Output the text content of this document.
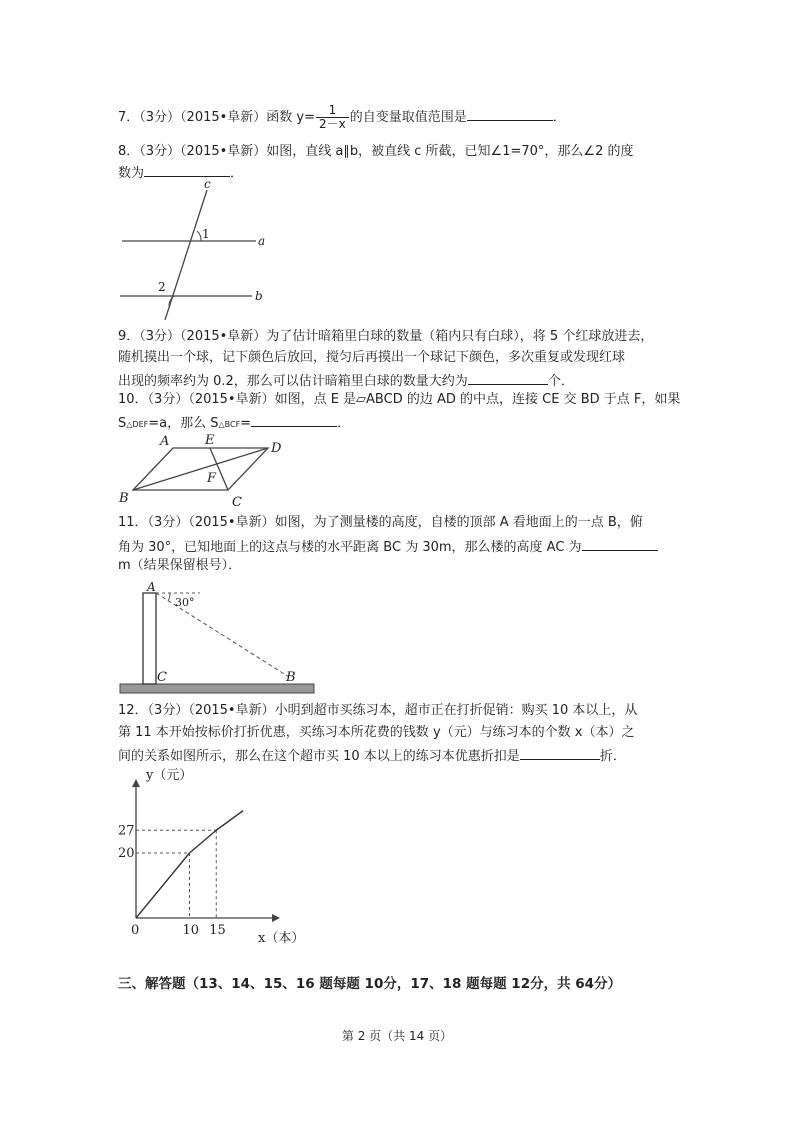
7．（3分）（2015•阜新）函数 $y= \frac{1}{2-x}$ 的自变量取值范围是	．
8．（3分）（2015•阜新）如图，直线 a∥b，被直线 c 所截，已知∠1=70°，那么∠2 的度
数为	．
c
a
b
1
2
9．（3分）（2015•阜新）为了估计暗箱里白球的数量（箱内只有白球），将 5 个红球放进去，
随机摸出一个球，记下颜色后放回，搅匀后再摸出一个球记下颜色，多次重复或发现红球
出现的频率约为 0.2，那么可以估计暗箱里白球的数量大约为	个．
10．（3分）（2015•阜新）如图，点 E 是▱ABCD 的边 AD 的中点，连接 CE 交 BD 于点 F，如果
S△DEF=a，那么 S△BCF=	．
A	E
D
F
B	C
11．（3分）（2015•阜新）如图，为了测量楼的高度，自楼的顶部 A 看地面上的一点 B，俯
角为 30°，已知地面上的这点与楼的水平距离 BC 为 30m，那么楼的高度 AC 为
m（结果保留根号）．
A
30°
C	B
12．（3分）（2015•阜新）小明到超市买练习本，超市正在打折促销：购买 10 本以上，从
第 11 本开始按标价打折优惠，买练习本所花费的钱数 y（元）与练习本的个数 x（本）之
间的关系如图所示，那么在这个超市买 10 本以上的练习本优惠折扣是	折．
y（元）
x（本）
0	10 15
20
27
三、解答题（13、14、15、16 题每题 10分，17、18 题每题 12分，共 64分）
第 2 页（共 14 页）
